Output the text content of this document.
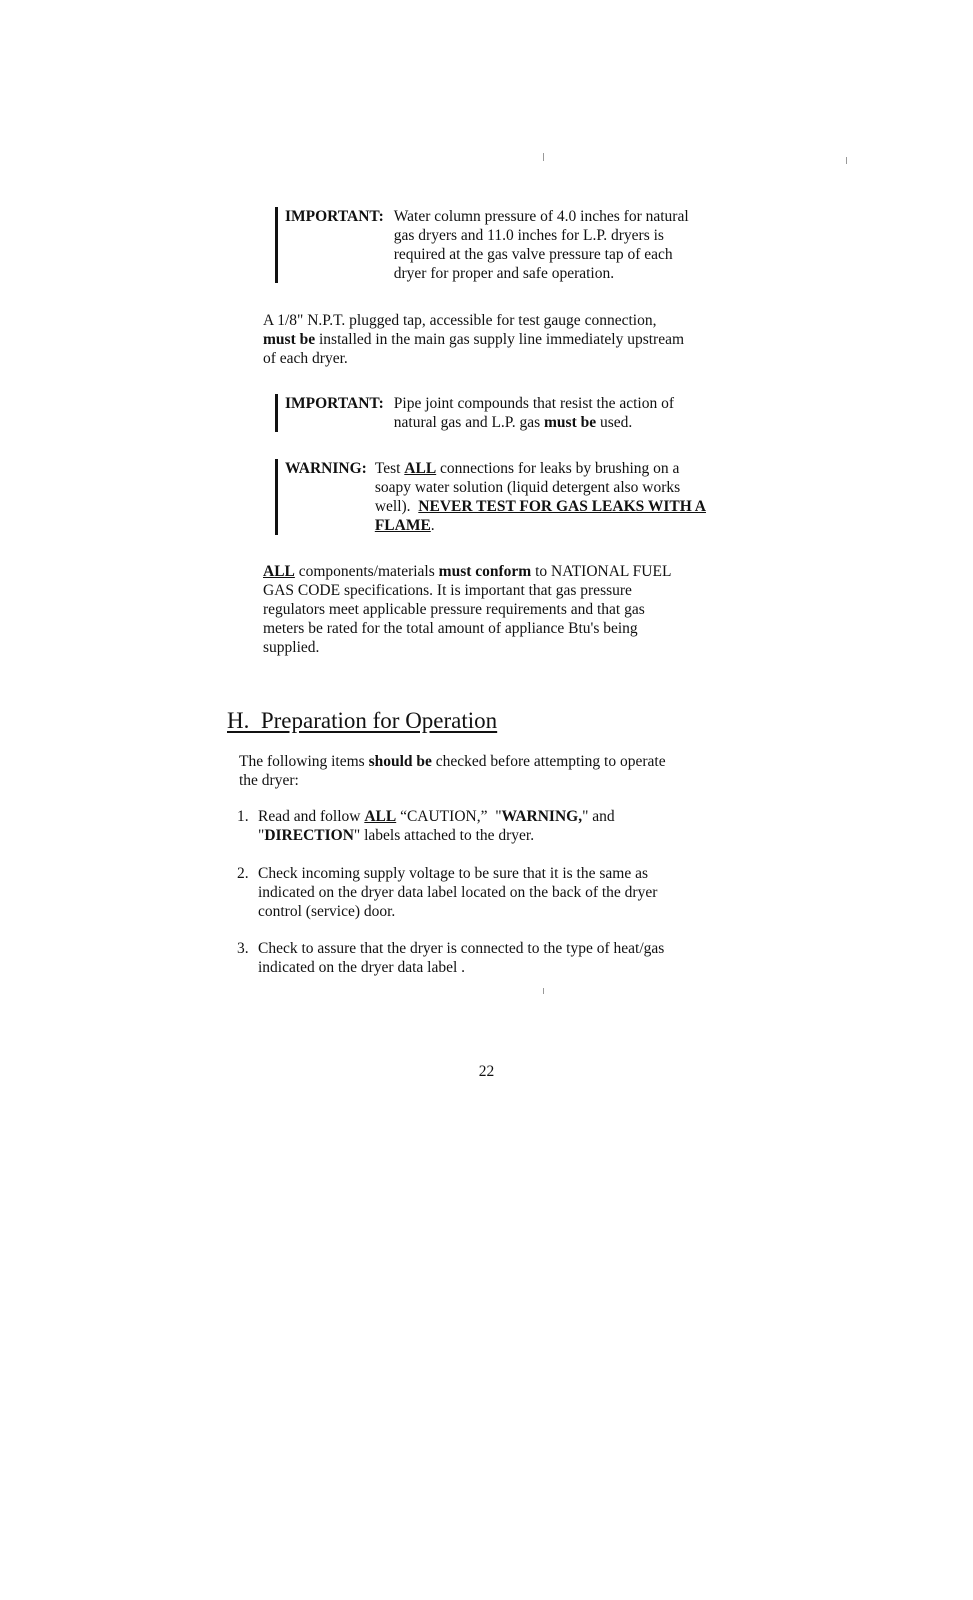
IMPORTANT: Water column pressure of 4.0 inches for natural
gas dryers and 11.0 inches for L.P. dryers is
required at the gas valve pressure tap of each
dryer for proper and safe operation.
A 1/8" N.P.T. plugged tap, accessible for test gauge connection,
must be installed in the main gas supply line immediately upstream
of each dryer.
IMPORTANT: Pipe joint compounds that resist the action of
natural gas and L.P. gas must be used.
WARNING: Test ALL connections for leaks by brushing on a
soapy water solution (liquid detergent also works
well).  NEVER TEST FOR GAS LEAKS WITH A
FLAME.
ALL components/materials must conform to NATIONAL FUEL
GAS CODE specifications. It is important that gas pressure
regulators meet applicable pressure requirements and that gas
meters be rated for the total amount of appliance Btu's being
supplied.
H.  Preparation for Operation
The following items should be checked before attempting to operate
the dryer:
1. Read and follow ALL “CAUTION,”  "WARNING," and
"DIRECTION" labels attached to the dryer.
2. Check incoming supply voltage to be sure that it is the same as
indicated on the dryer data label located on the back of the dryer
control (service) door.
3. Check to assure that the dryer is connected to the type of heat/gas
indicated on the dryer data label .
22
